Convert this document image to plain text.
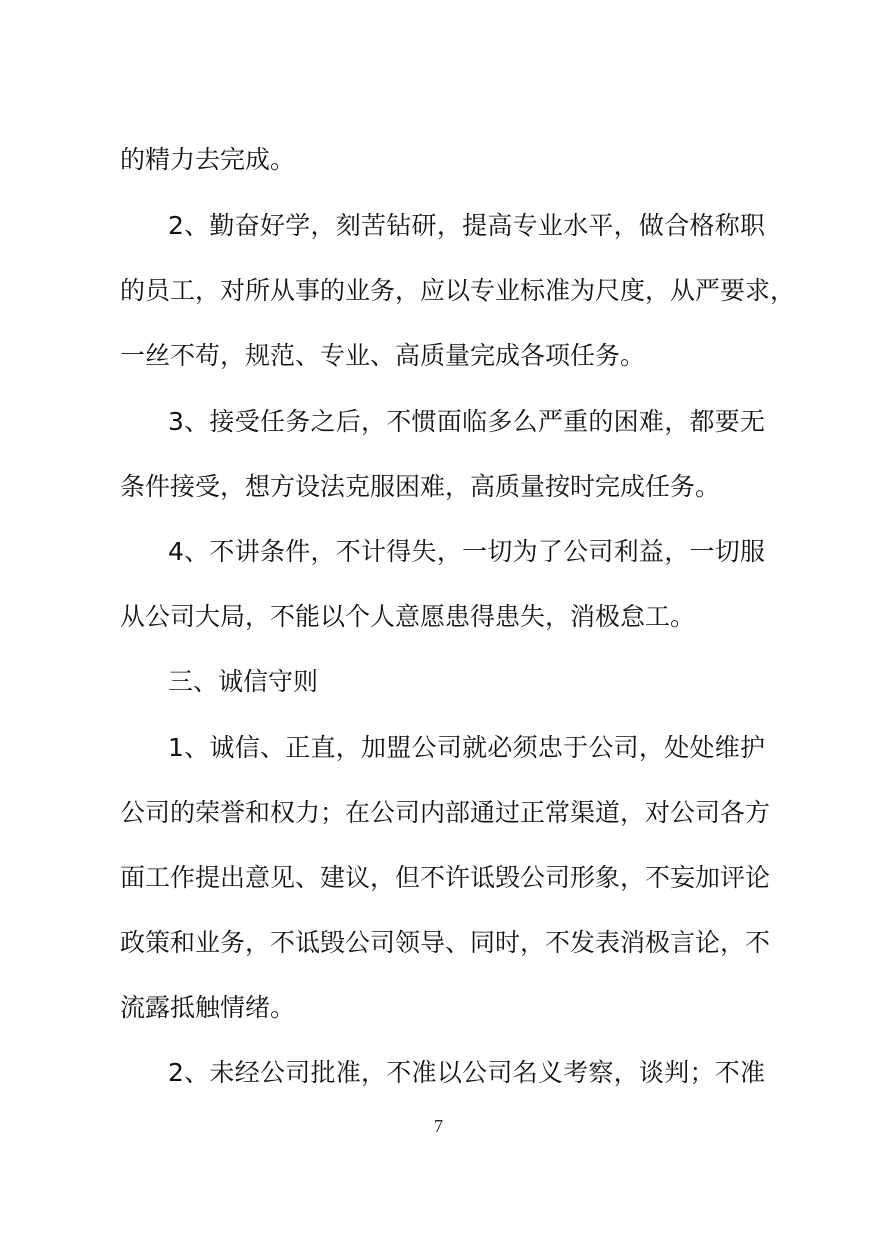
的精力去完成。
2、勤奋好学，刻苦钻研，提高专业水平，做合格称职
的员工，对所从事的业务，应以专业标准为尺度，从严要求，
一丝不苟，规范、专业、高质量完成各项任务。
3、接受任务之后，不惯面临多么严重的困难，都要无
条件接受，想方设法克服困难，高质量按时完成任务。
4、不讲条件，不计得失，一切为了公司利益，一切服
从公司大局，不能以个人意愿患得患失，消极怠工。
三、诚信守则
1、诚信、正直，加盟公司就必须忠于公司，处处维护
公司的荣誉和权力；在公司内部通过正常渠道，对公司各方
面工作提出意见、建议，但不许诋毁公司形象，不妄加评论
政策和业务，不诋毁公司领导、同时，不发表消极言论，不
流露抵触情绪。
2、未经公司批准，不准以公司名义考察，谈判；不准
7
